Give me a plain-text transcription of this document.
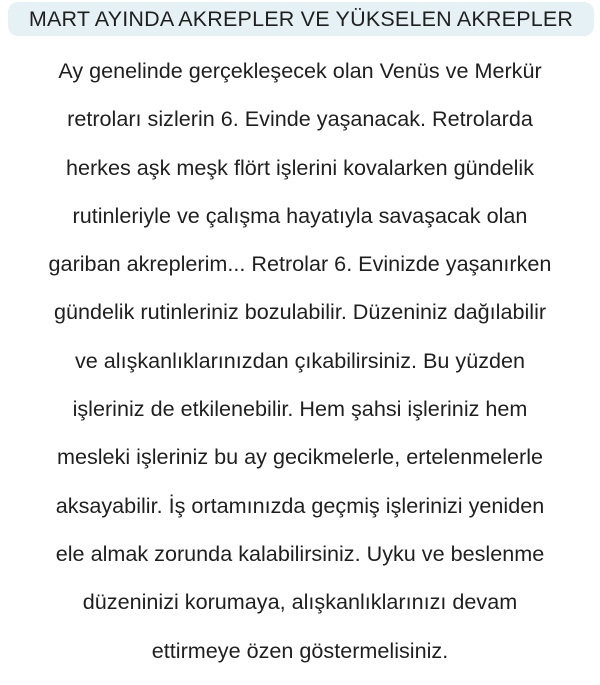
MART AYINDA AKREPLER VE YÜKSELEN AKREPLER
Ay genelinde gerçekleşecek olan Venüs ve Merkür
retroları sizlerin 6. Evinde yaşanacak. Retrolarda
herkes aşk meşk flört işlerini kovalarken gündelik
rutinleriyle ve çalışma hayatıyla savaşacak olan
gariban akreplerim... Retrolar 6. Evinizde yaşanırken
gündelik rutinleriniz bozulabilir. Düzeniniz dağılabilir
ve alışkanlıklarınızdan çıkabilirsiniz. Bu yüzden
işleriniz de etkilenebilir. Hem şahsi işleriniz hem
mesleki işleriniz bu ay gecikmelerle, ertelenmelerle
aksayabilir. İş ortamınızda geçmiş işlerinizi yeniden
ele almak zorunda kalabilirsiniz. Uyku ve beslenme
düzeninizi korumaya, alışkanlıklarınızı devam
ettirmeye özen göstermelisiniz.
